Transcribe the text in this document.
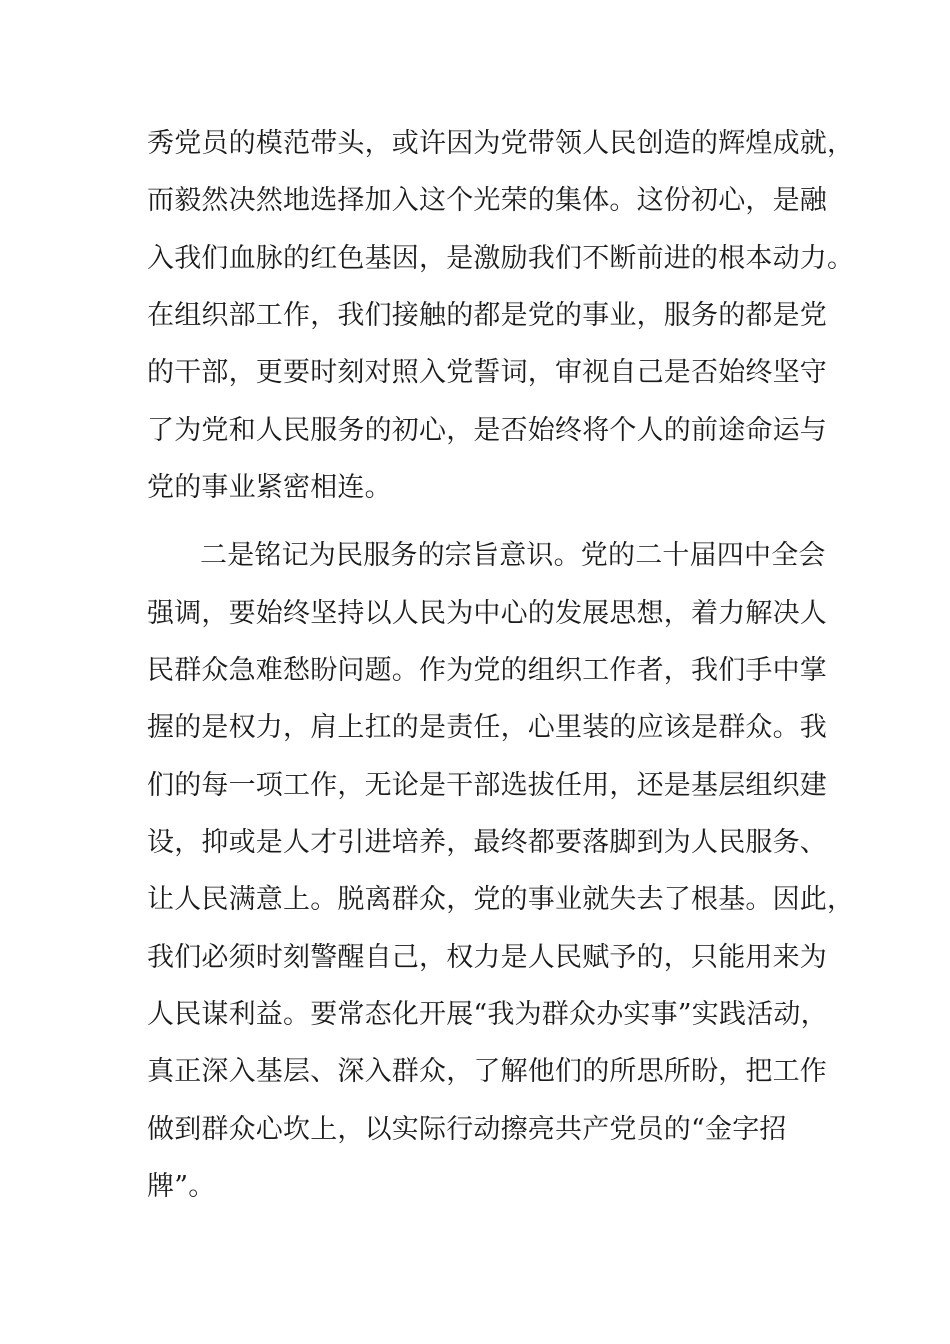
秀党员的模范带头，或许因为党带领人民创造的辉煌成就，
而毅然决然地选择加入这个光荣的集体。这份初心，是融
入我们血脉的红色基因，是激励我们不断前进的根本动力。
在组织部工作，我们接触的都是党的事业，服务的都是党
的干部，更要时刻对照入党誓词，审视自己是否始终坚守
了为党和人民服务的初心，是否始终将个人的前途命运与
党的事业紧密相连。
二是铭记为民服务的宗旨意识。党的二十届四中全会
强调，要始终坚持以人民为中心的发展思想，着力解决人
民群众急难愁盼问题。作为党的组织工作者，我们手中掌
握的是权力，肩上扛的是责任，心里装的应该是群众。我
们的每一项工作，无论是干部选拔任用，还是基层组织建
设，抑或是人才引进培养，最终都要落脚到为人民服务、
让人民满意上。脱离群众，党的事业就失去了根基。因此，
我们必须时刻警醒自己，权力是人民赋予的，只能用来为
人民谋利益。要常态化开展“我为群众办实事”实践活动，
真正深入基层、深入群众，了解他们的所思所盼，把工作
做到群众心坎上，以实际行动擦亮共产党员的“金字招
牌”。
